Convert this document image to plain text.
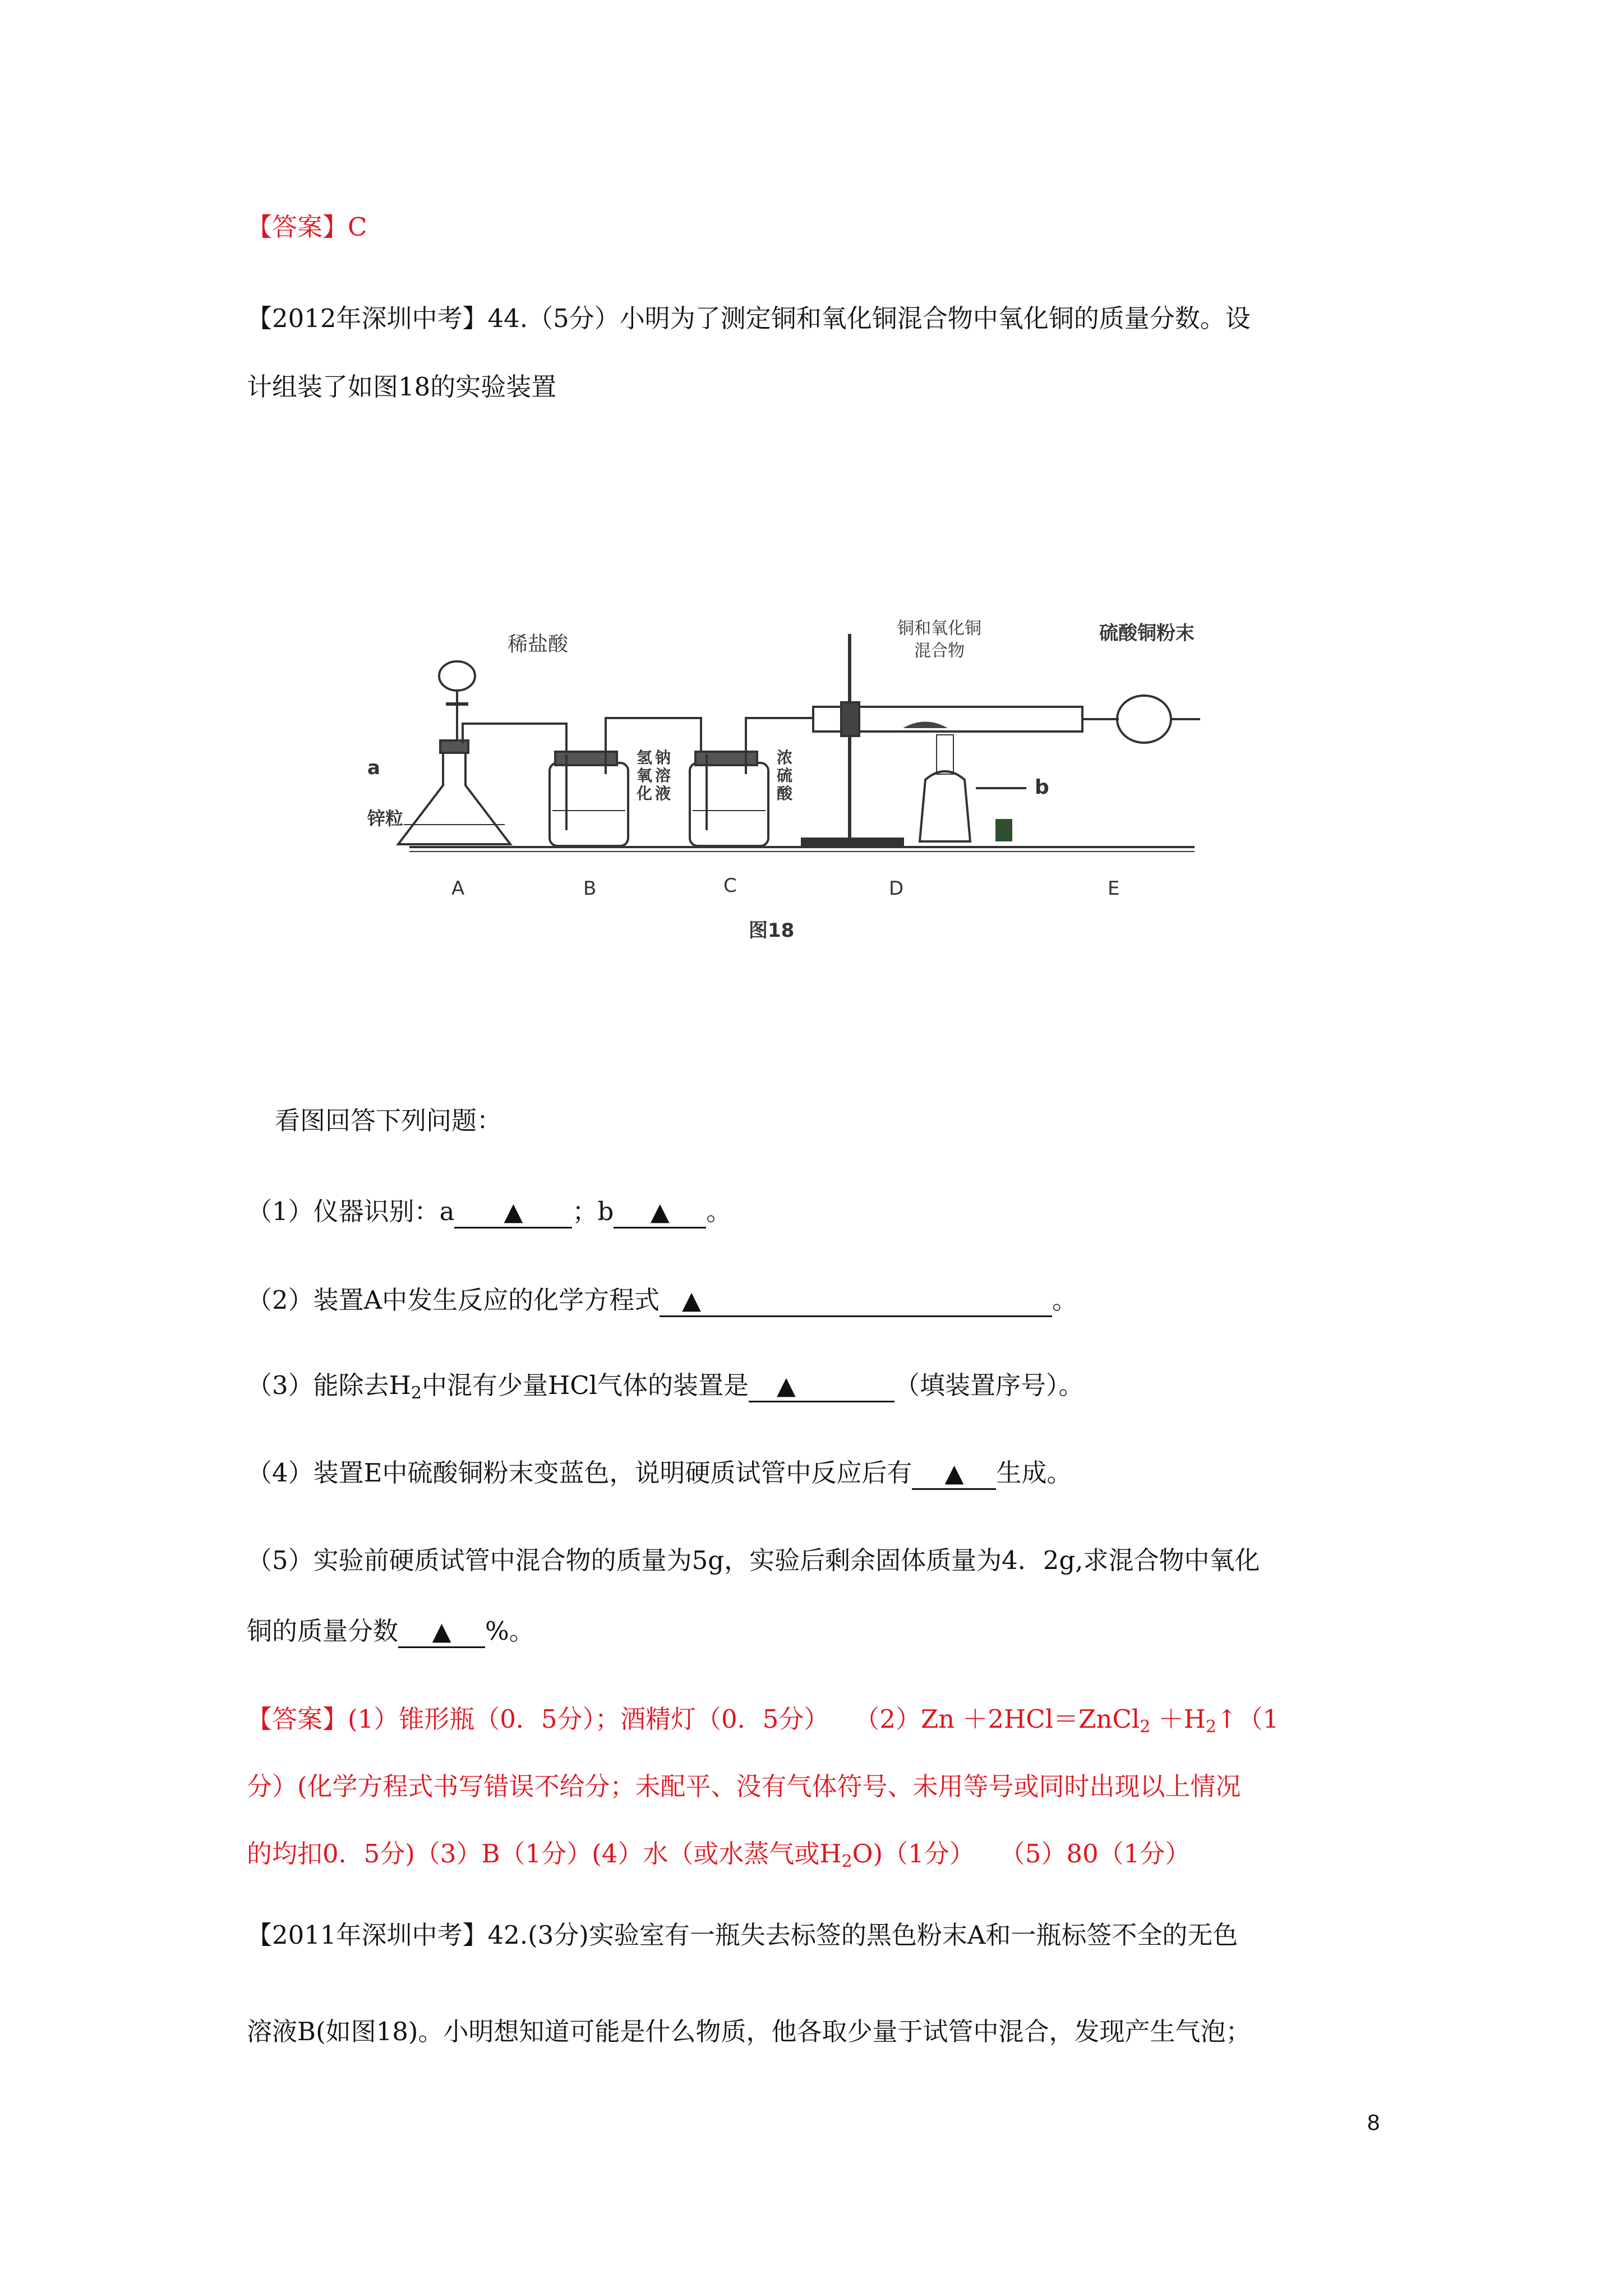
【答案】C
【2012年深圳中考】44.（5分）小明为了测定铜和氧化铜混合物中氧化铜的质量分数。设
计组装了如图18的实验装置
稀盐酸
铜和氧化铜
混合物
硫酸铜粉末
a
b
锌粒
氢
氧
化
钠
溶
液
浓
硫
酸
A	B	C	D	E
图18
看图回答下列问题：
（1）仪器识别：a ▲ ；b ▲ 。
（2）装置A中发生反应的化学方程式 ▲	。
（3）能除去$H_2$中混有少量HCl气体的装置是 ▲	（填装置序号）。
（4）装置E中硫酸铜粉末变蓝色，说明硬质试管中反应后有 ▲ 生成。
（5）实验前硬质试管中混合物的质量为5g，实验后剩余固体质量为4．2g,求混合物中氧化
铜的质量分数 ▲ %。
【答案】(1）锥形瓶（0．5分）；酒精灯（0．5分）　　（2）Zn ＋2HCl＝ZnCl$_2$ $+H_2↑(1$
分）(化学方程式书写错误不给分；未配平、没有气体符号、未用等号或同时出现以上情况
的均扣0．5分)（3）B（1分）(4）水（或水蒸气或$H_2O)(1$分）　　（5）80（1分）
【2011年深圳中考】42.(3分)实验室有一瓶失去标签的黑色粉末A和一瓶标签不全的无色
溶液B(如图18)。小明想知道可能是什么物质，他各取少量于试管中混合，发现产生气泡；
8
